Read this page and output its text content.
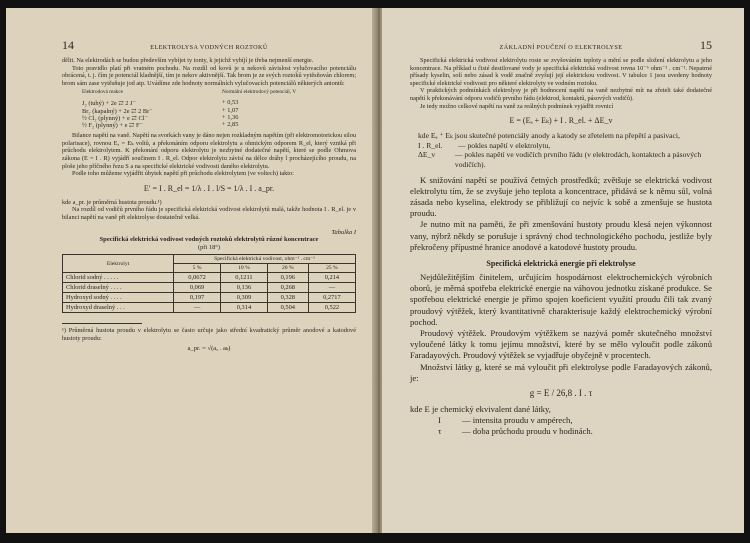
14	ELEKTROLYSA VODNÝCH ROZTOKŮ

dělit. Na elektrodách se budou především vybíjet ty ionty, k jejichž vybíjí je třeba nejmenší energie.

Toto pravidlo platí při vratném pochodu. Na rozdíl od kovů je u nekovů závislost vylučovacího potenciálu obrácená, t. j. čím je potenciál kladnější, tím je nekov aktivnější. Tak brom je ze svých roztoků vytěsňován chlorem; brom sám zase vytěsňuje jod atp. Uvádíme zde hodnoty normálních vylučovacích potenciálů některých aniontů:

Elektrodová reakce	Normální elektrodový potenciál, V
J₂ (tuhý) + 2e ⇄ 2 J⁻	+ 0,53
Br₂ (kapalný) + 2e ⇄ 2 Br⁻	+ 1,07
½ Cl₂ (plynný) + e ⇄ Cl⁻	+ 1,36
½ F₂ (plynný) + e ⇄ F⁻	+ 2,85

Bilance napětí na vaně. Napětí na svorkách vany je dáno nejen rozkladným napětím (při elektromotorickou silou polarisace), rovnou Eₐ = Eₖ voltů, a překonáním odporu elektrolytu a ohmickým odporem R_el, který vzniká při průchodu elektrolytem. K překonání odporu elektrolytu je nezbytné dodatečné napětí, které se podle Ohmova zákona (E = I . R) vyjádří součinem I . R_el. Odpor elektrolytu závisí na délce dráhy l procházejícího proudu, na ploše jeho příčného řezu S a na specifické elektrické vodivosti daného elektrolytu.

Podle toho můžeme vyjádřit úbytek napětí při průchodu elektrolytem (ve voltech) takto:

E′ = I . R_el = 1/λ . I . l/S = 1/λ . I . a_pr.

kde a_pr. je průměrná hustota proudu.¹)

Na rozdíl od vodičů prvního řádu je specifická elektrická vodivost elektrolytů malá, takže hodnota I . R_el. je v bilanci napětí na vaně při elektrolyse dostatečně velká.

Tabulka I
Specifická elektrická vodivost vodných roztoků elektrolytů různé koncentrace
(při 18°)
Elektrolyt	Specifická elektrická vodivost, ohm⁻¹ . cm⁻¹			
	5 %	10 %	20 %	25 %
Chlorid sodný . . . . .	0,0672	0,1211	0,196	0,214
Chlorid draselný . . . .	0,069	0,136	0,268	—
Hydroxyd sodný . . . .	0,197	0,309	0,328	0,2717
Hydroxyd draselný . . .	—	0,314	0,504	0,522

¹) Průměrná hustota proudu v elektrolytu se často určuje jako střední kvadratický průměr anodové a katodové hustoty proudu:

a_pr. = √(aₐ . aₖ)
ZÁKLADNÍ POUČENÍ O ELEKTROLYSE	15

Specifická elektrická vodivost elektrolytu roste se zvyšováním teploty a mění se podle složení elektrolytu a jeho koncentrace. Na příklad u čisté destilované vody je specifická elektrická vodivost rovna 10⁻⁶ ohm⁻¹ . cm⁻¹. Nepatrné přísady kyselin, solí nebo zásad k vodě značně zvyšují její elektrickou vodivost. V tabulce 1 jsou uvedeny hodnoty specifické elektrické vodivosti pro některé elektrolyty ve vodném roztoku.

V praktických podmínkách elektrolysy je při hodnocení napětí na vaně nezbytné mít na zřeteli také dodatečné napětí k překonávání odporu vodičů prvního řádu (elektrod, kontaktů, pásových vodičů).

Je tedy možno celkové napětí na vaně za reálných podmínek vyjádřit rovnicí

E = (Eₐ + Eₖ) + I . R_el. + ΔE_v
kde Eₐ ⁺ Eₖ jsou skutečné potenciály anody a katody se zřetelem na přepětí a pasivaci,
I . R_el.	— pokles napětí v elektrolytu,
ΔE_v	— pokles napětí ve vodičích prvního řádu (v elektrodách, kontaktech a pásových vodičích).

K snižování napětí se používá četných prostředků; zvětšuje se elektrická vodivost elektrolytu tím, že se zvyšuje jeho teplota a koncentrace, přidává se k němu sůl, volná zásada nebo kyselina, elektrody se přibližují co nejvíc k sobě a zmenšuje se hustota proudu.

Je nutno mít na paměti, že při zmenšování hustoty proudu klesá nejen výkonnost vany, nýbrž někdy se porušuje i správný chod technologického pochodu, jestliže byly překročeny přípustné hranice anodové a katodové hustoty proudu.

Specifická elektrická energie při elektrolyse

Nejdůležitějším činitelem, určujícím hospodárnost elektrochemických výrobních oborů, je měrná spotřeba elektrické energie na váhovou jednotku získané produkce. Se spotřebou elektrické energie je přímo spojen koeficient využití proudu čili tak zvaný proudový výtěžek, který kvantitativně charakterisuje každý elektrochemický výrobní pochod.

Proudový výtěžek. Proudovým výtěžkem se nazývá poměr skutečného množství vyloučené látky k tomu jejímu množství, které by se mělo vyloučit podle zákonů Faradayových. Proudový výtěžek se vyjadřuje obyčejně v procentech.

Množství látky g, které se má vyloučit při elektrolyse podle Faradayových zákonů, je:

g = E / 26,8 . I . τ
kde E je chemický ekvivalent dané látky,
I	— intensita proudu v ampérech,
τ	— doba průchodu proudu v hodinách.
